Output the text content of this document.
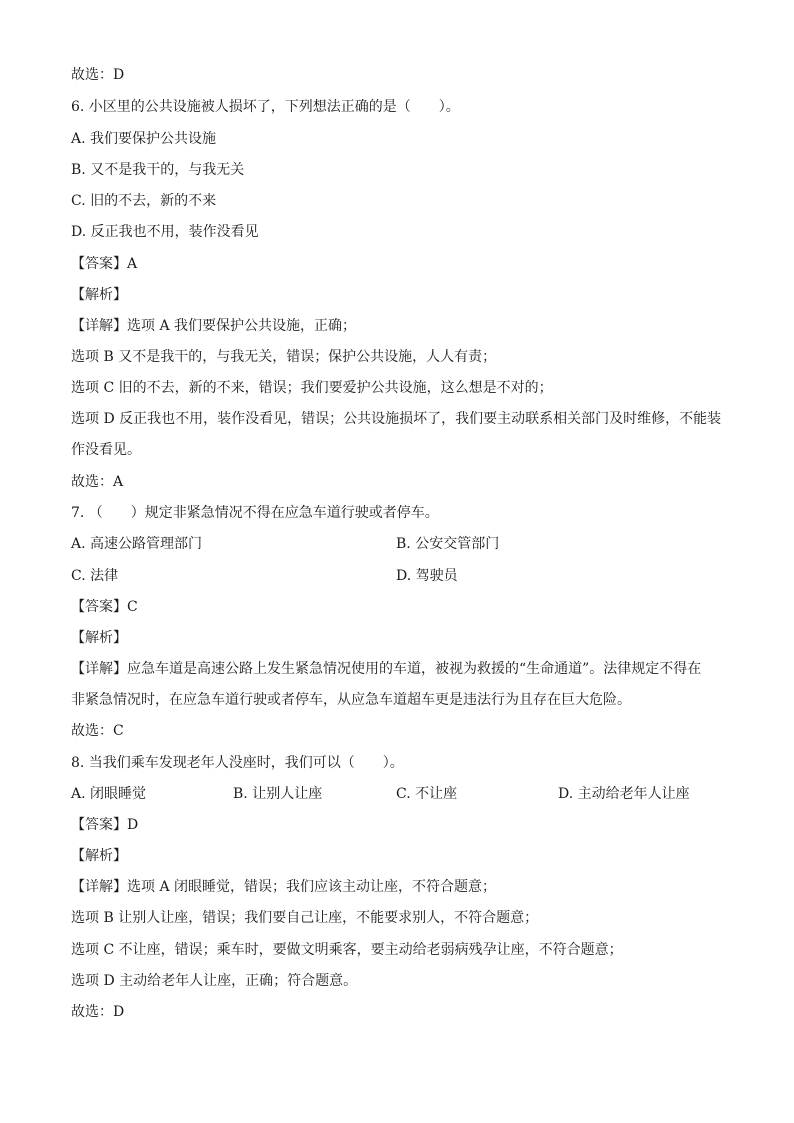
故选：D
6. 小区里的公共设施被人损坏了，下列想法正确的是（　　）。
A. 我们要保护公共设施
B. 又不是我干的，与我无关
C. 旧的不去，新的不来
D. 反正我也不用，装作没看见
【答案】A
【解析】
【详解】选项 A 我们要保护公共设施，正确；
选项 B 又不是我干的，与我无关，错误；保护公共设施，人人有责；
选项 C 旧的不去，新的不来，错误；我们要爱护公共设施，这么想是不对的；
选项 D 反正我也不用，装作没看见，错误；公共设施损坏了，我们要主动联系相关部门及时维修，不能装
作没看见。
故选：A
7. （　　）规定非紧急情况不得在应急车道行驶或者停车。
A. 高速公路管理部门	B. 公安交管部门
C. 法律	D. 驾驶员
【答案】C
【解析】
【详解】应急车道是高速公路上发生紧急情况使用的车道，被视为救援的“生命通道”。法律规定不得在
非紧急情况时，在应急车道行驶或者停车，从应急车道超车更是违法行为且存在巨大危险。
故选：C
8. 当我们乘车发现老年人没座时，我们可以（　　）。
A. 闭眼睡觉	B. 让别人让座	C. 不让座	D. 主动给老年人让座
【答案】D
【解析】
【详解】选项 A 闭眼睡觉，错误；我们应该主动让座，不符合题意；
选项 B 让别人让座，错误；我们要自己让座，不能要求别人，不符合题意；
选项 C 不让座，错误；乘车时，要做文明乘客，要主动给老弱病残孕让座，不符合题意；
选项 D 主动给老年人让座，正确；符合题意。
故选：D
